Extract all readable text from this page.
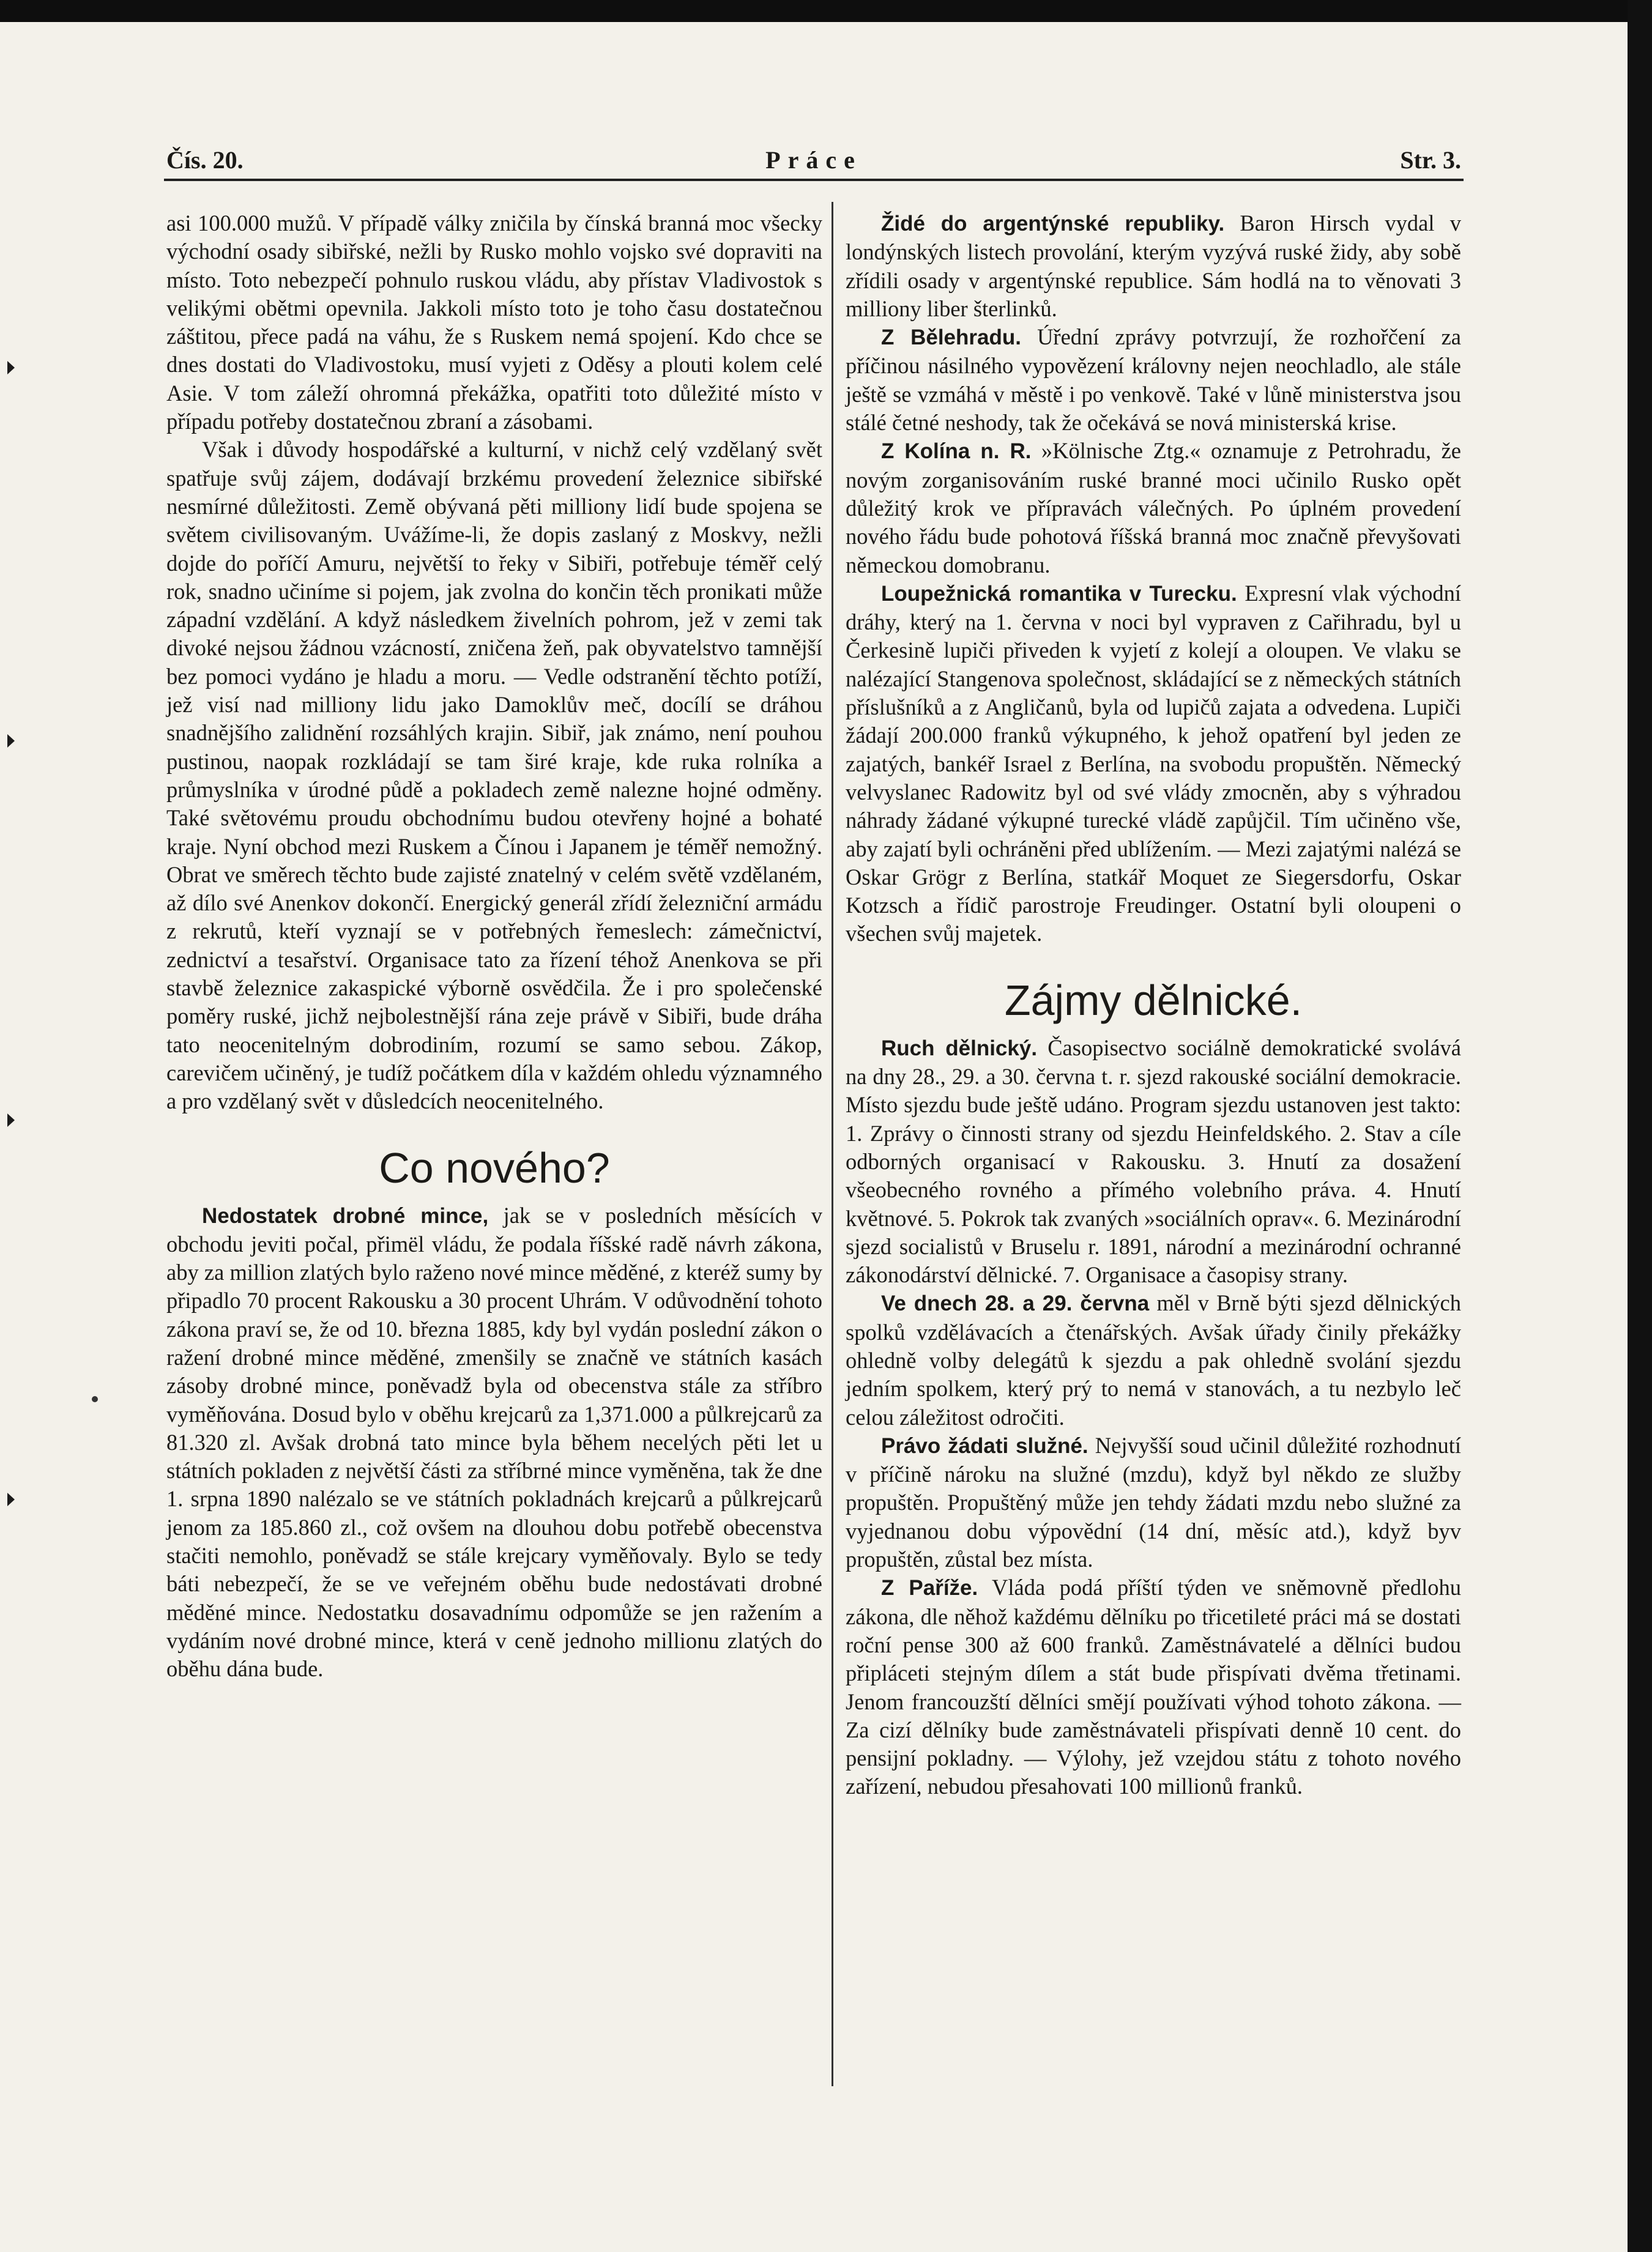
Práce
Čís. 20.	Str. 3.

asi 100.000 mužů. V případě války zničila by čínská branná moc všecky východní osady sibiřské, nežli by Rusko mohlo vojsko své dopraviti na místo. Toto nebezpečí pohnulo ruskou vládu, aby přístav Vladivostok s velikými obětmi opevnila. Jakkoli místo toto je toho času dostatečnou záštitou, přece padá na váhu, že s Ruskem nemá spojení. Kdo chce se dnes dostati do Vladivostoku, musí vyjeti z Oděsy a plouti kolem celé Asie. V tom záleží ohromná překážka, opatřiti toto důležité místo v případu potřeby dostatečnou zbraní a zásobami.

Však i důvody hospodářské a kulturní, v nichž celý vzdělaný svět spatřuje svůj zájem, dodávají brzkému provedení železnice sibiřské nesmírné důležitosti. Země obývaná pěti milliony lidí bude spojena se světem civilisovaným. Uvážíme-li, že dopis zaslaný z Moskvy, nežli dojde do poříčí Amuru, největší to řeky v Sibiři, potřebuje téměř celý rok, snadno učiníme si pojem, jak zvolna do končin těch pronikati může západní vzdělání. A když následkem živelních pohrom, jež v zemi tak divoké nejsou žádnou vzácností, zničena žeň, pak obyvatelstvo tamnější bez pomoci vydáno je hladu a moru. — Vedle odstranění těchto potíží, jež visí nad milliony lidu jako Damoklův meč, docílí se dráhou snadnějšího zalidnění rozsáhlých krajin. Sibiř, jak známo, není pouhou pustinou, naopak rozkládají se tam širé kraje, kde ruka rolníka a průmyslníka v úrodné půdě a pokladech země nalezne hojné odměny. Také světovému proudu obchodnímu budou otevřeny hojné a bohaté kraje. Nyní obchod mezi Ruskem a Čínou i Japanem je téměř nemožný. Obrat ve směrech těchto bude zajisté znatelný v celém světě vzdělaném, až dílo své Anenkov dokončí. Energický generál zřídí železniční armádu z rekrutů, kteří vyznají se v potřebných řemeslech: zámečnictví, zednictví a tesařství. Organisace tato za řízení téhož Anenkova se při stavbě železnice zakaspické výborně osvědčila. Že i pro společenské poměry ruské, jichž nejbolestnější rána zeje právě v Sibiři, bude dráha tato neocenitelným dobrodiním, rozumí se samo sebou. Zákop, carevičem učiněný, je tudíž počátkem díla v každém ohledu významného a pro vzdělaný svět v důsledcích neocenitelného.

Co nového?

Nedostatek drobné mince, jak se v posledních měsících v obchodu jeviti počal, přimël vládu, že podala říšské radě návrh zákona, aby za million zlatých bylo raženo nové mince měděné, z kteréž sumy by připadlo 70 procent Rakousku a 30 procent Uhrám. V odůvodnění tohoto zákona praví se, že od 10. března 1885, kdy byl vydán poslední zákon o ražení drobné mince měděné, zmenšily se značně ve státních kasách zásoby drobné mince, poněvadž byla od obecenstva stále za stříbro vyměňována. Dosud bylo v oběhu krejcarů za 1,371.000 a půlkrejcarů za 81.320 zl. Avšak drobná tato mince byla během necelých pěti let u státních pokladen z největší části za stříbrné mince vyměněna, tak že dne 1. srpna 1890 nalézalo se ve státních pokladnách krejcarů a půlkrejcarů jenom za 185.860 zl., což ovšem na dlouhou dobu potřebě obecenstva stačiti nemohlo, poněvadž se stále krejcary vyměňovaly. Bylo se tedy báti nebezpečí, že se ve veřejném oběhu bude nedostávati drobné měděné mince. Nedostatku dosavadnímu odpomůže se jen ražením a vydáním nové drobné mince, která v ceně jednoho millionu zlatých do oběhu dána bude.

Židé do argentýnské republiky. Baron Hirsch vydal v londýnských listech provolání, kterým vyzývá ruské židy, aby sobě zřídili osady v argentýnské republice. Sám hodlá na to věnovati 3 milliony liber šterlinků.

Z Bělehradu. Úřední zprávy potvrzují, že rozhořčení za příčinou násilného vypovězení královny nejen neochladlo, ale stále ještě se vzmáhá v městě i po venkově. Také v lůně ministerstva jsou stálé četné neshody, tak že očekává se nová ministerská krise.

Z Kolína n. R. »Kölnische Ztg.« oznamuje z Petrohradu, že novým zorganisováním ruské branné moci učinilo Rusko opět důležitý krok ve přípravách válečných. Po úplném provedení nového řádu bude pohotová říšská branná moc značně převyšovati německou domobranu.

Loupežnická romantika v Turecku. Expresní vlak východní dráhy, který na 1. června v noci byl vypraven z Cařihradu, byl u Čerkesině lupiči přiveden k vyjetí z kolejí a oloupen. Ve vlaku se nalézající Stangenova společnost, skládající se z německých státních příslušníků a z Angličanů, byla od lupičů zajata a odvedena. Lupiči žádají 200.000 franků výkupného, k jehož opatření byl jeden ze zajatých, bankéř Israel z Berlína, na svobodu propuštěn. Německý velvyslanec Radowitz byl od své vlády zmocněn, aby s výhradou náhrady žádané výkupné turecké vládě zapůjčil. Tím učiněno vše, aby zajatí byli ochráněni před ublížením. — Mezi zajatými nalézá se Oskar Grögr z Berlína, statkář Moquet ze Siegersdorfu, Oskar Kotzsch a řídič parostroje Freudinger. Ostatní byli oloupeni o všechen svůj majetek.

Zájmy dělnické.

Ruch dělnický. Časopisectvo sociálně demokratické svolává na dny 28., 29. a 30. června t. r. sjezd rakouské sociální demokracie. Místo sjezdu bude ještě udáno. Program sjezdu ustanoven jest takto: 1. Zprávy o činnosti strany od sjezdu Heinfeldského. 2. Stav a cíle odborných organisací v Rakousku. 3. Hnutí za dosažení všeobecného rovného a přímého volebního práva. 4. Hnutí květnové. 5. Pokrok tak zvaných »sociálních oprav«. 6. Mezinárodní sjezd socialistů v Bruselu r. 1891, národní a mezinárodní ochranné zákonodárství dělnické. 7. Organisace a časopisy strany.

Ve dnech 28. a 29. června měl v Brně býti sjezd dělnických spolků vzdělávacích a čtenářských. Avšak úřady činily překážky ohledně volby delegátů k sjezdu a pak ohledně svolání sjezdu jedním spolkem, který prý to nemá v stanovách, a tu nezbylo leč celou záležitost odročiti.

Právo žádati služné. Nejvyšší soud učinil důležité rozhodnutí v příčině nároku na služné (mzdu), když byl někdo ze služby propuštěn. Propuštěný může jen tehdy žádati mzdu nebo služné za vyjednanou dobu výpovědní (14 dní, měsíc atd.), když byv propuštěn, zůstal bez místa.

Z Paříže. Vláda podá příští týden ve sněmovně předlohu zákona, dle něhož každému dělníku po třicetileté práci má se dostati roční pense 300 až 600 franků. Zaměstnávatelé a dělníci budou připláceti stejným dílem a stát bude přispívati dvěma třetinami. Jenom francouzští dělníci smějí používati výhod tohoto zákona. — Za cizí dělníky bude zaměstnávateli přispívati denně 10 cent. do pensijní pokladny. — Výlohy, jež vzejdou státu z tohoto nového zařízení, nebudou přesahovati 100 millionů franků.
